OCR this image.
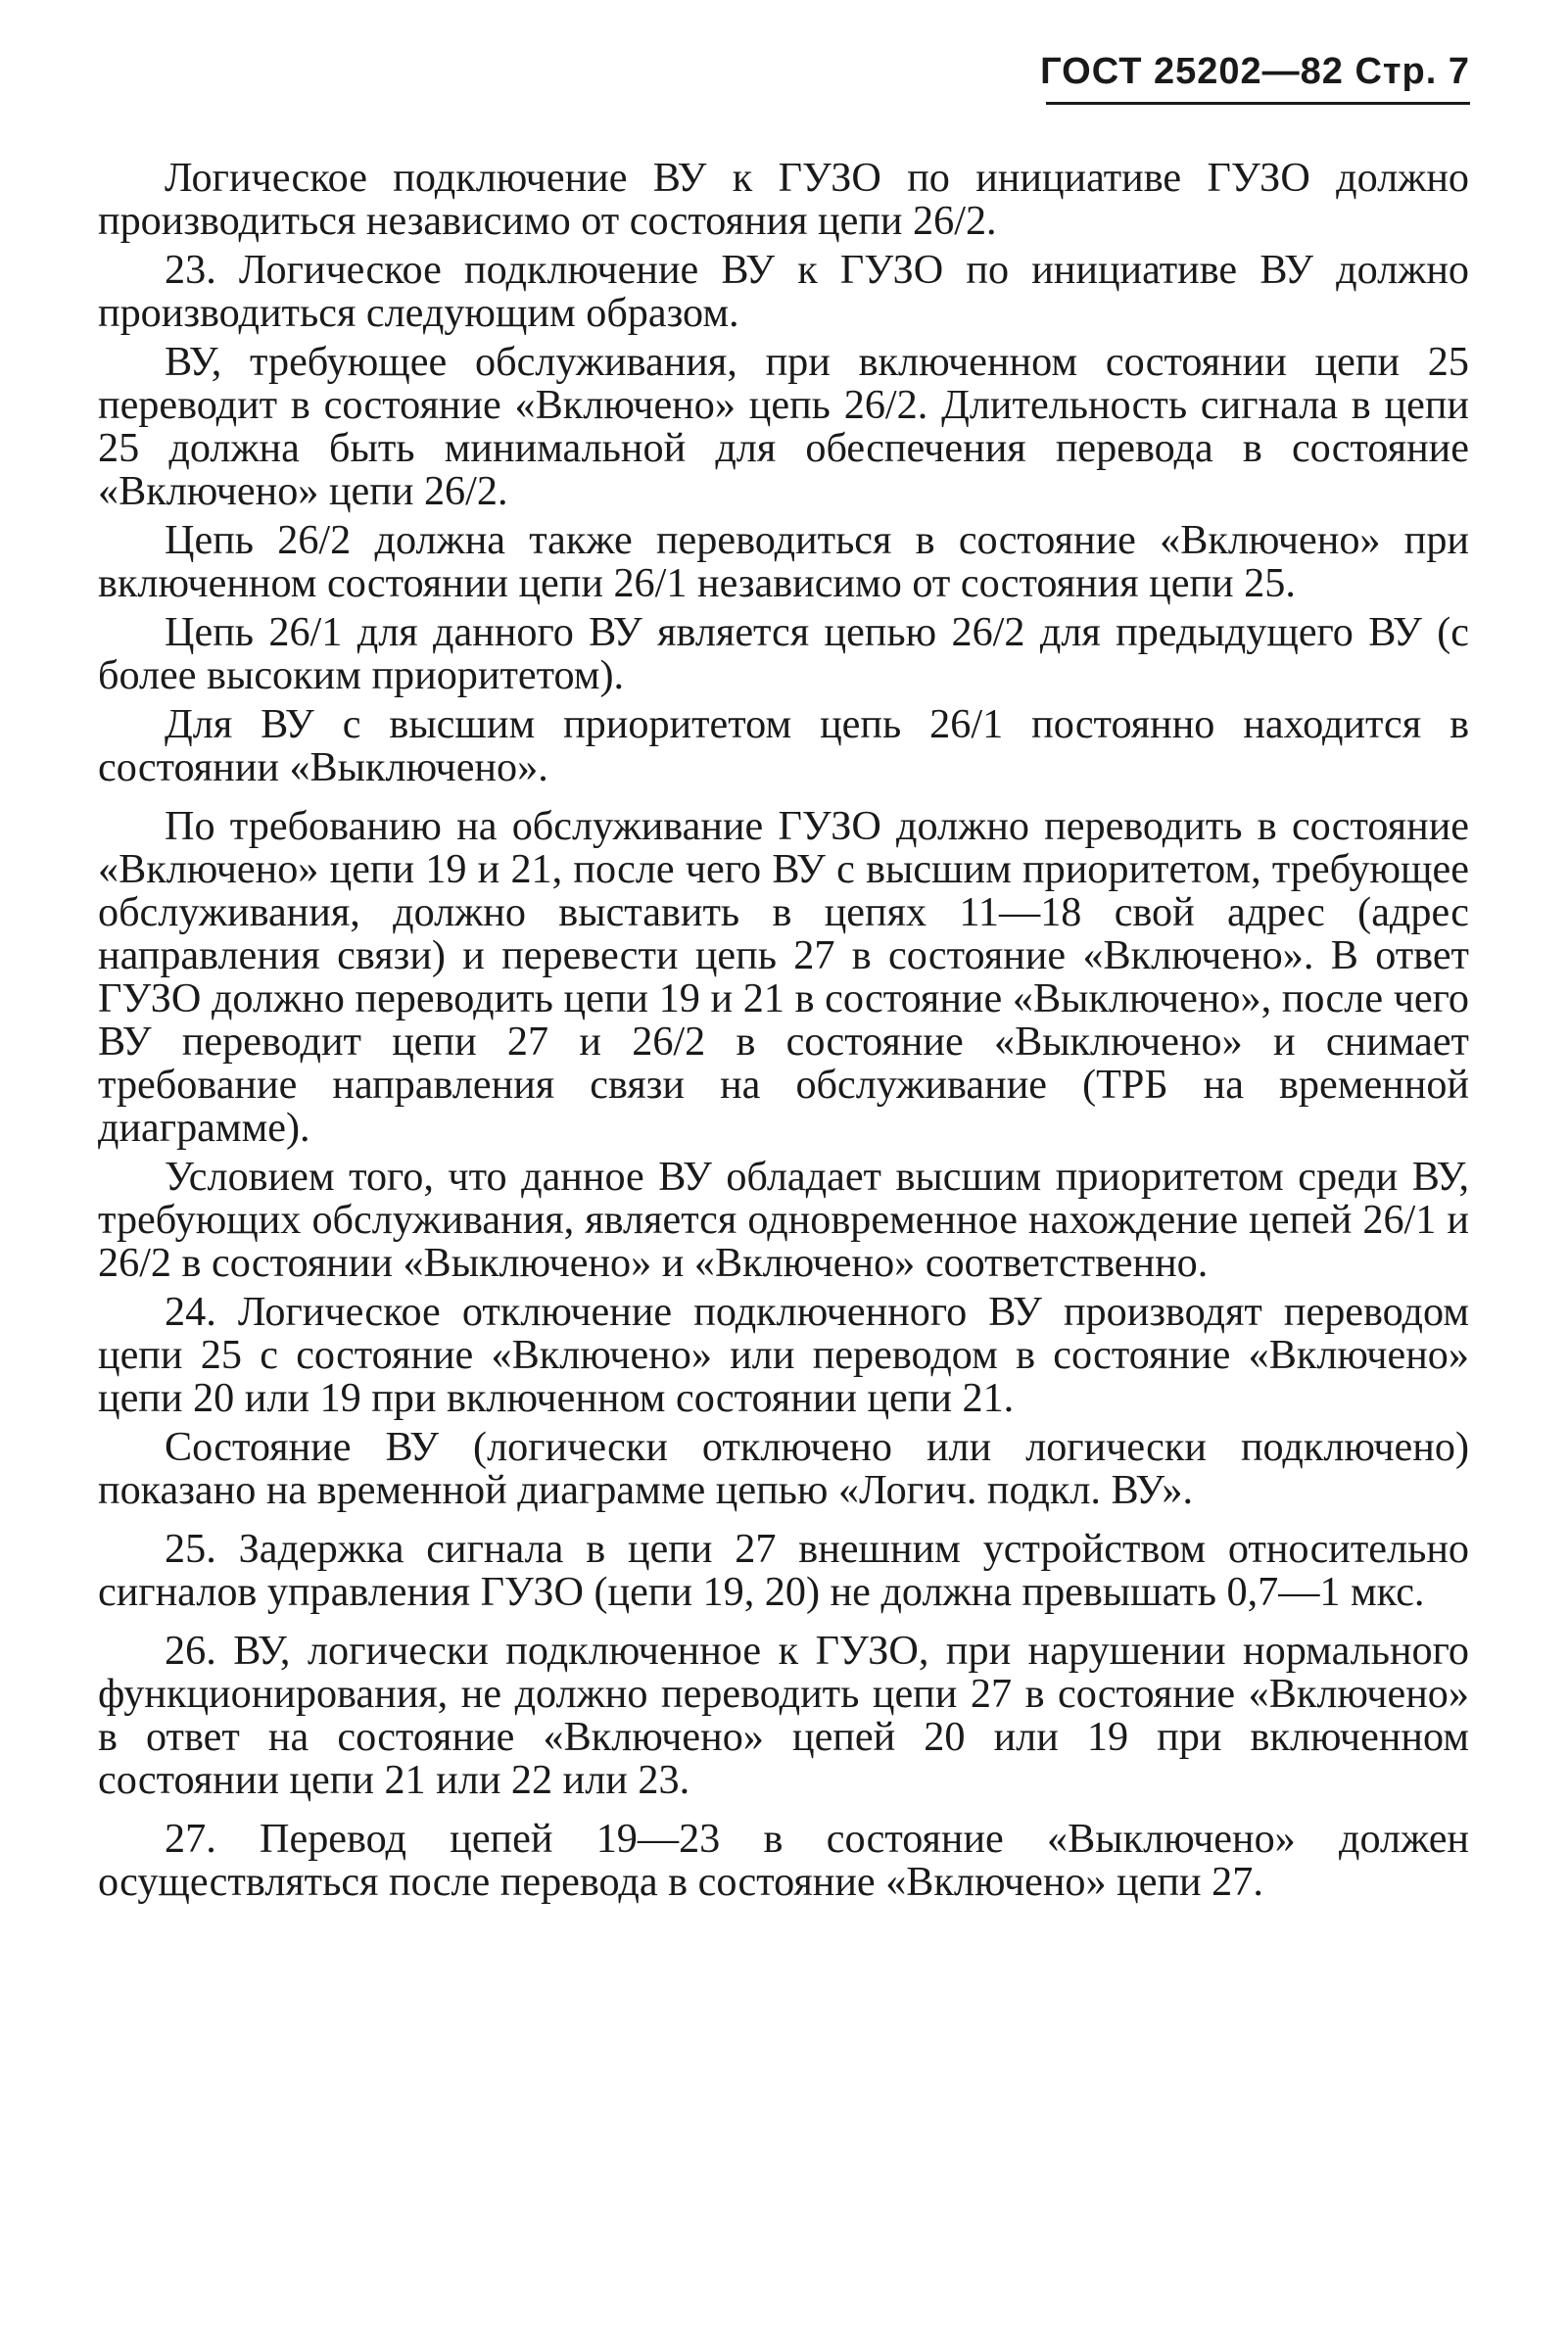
ГОСТ 25202—82 Стр. 7

Логическое подключение ВУ к ГУЗО по инициативе ГУЗО должно производиться независимо от состояния цепи 26/2.

23. Логическое подключение ВУ к ГУЗО по инициативе ВУ должно производиться следующим образом.

ВУ, требующее обслуживания, при включенном состоянии цепи 25 переводит в состояние «Включено» цепь 26/2. Длительность сигнала в цепи 25 должна быть минимальной для обеспечения перевода в состояние «Включено» цепи 26/2.

Цепь 26/2 должна также переводиться в состояние «Включено» при включенном состоянии цепи 26/1 независимо от состояния цепи 25.

Цепь 26/1 для данного ВУ является цепью 26/2 для предыдущего ВУ (с более высоким приоритетом).

Для ВУ с высшим приоритетом цепь 26/1 постоянно находится в состоянии «Выключено».

По требованию на обслуживание ГУЗО должно переводить в состояние «Включено» цепи 19 и 21, после чего ВУ с высшим приоритетом, требующее обслуживания, должно выставить в цепях 11—18 свой адрес (адрес направления связи) и перевести цепь 27 в состояние «Включено». В ответ ГУЗО должно переводить цепи 19 и 21 в состояние «Выключено», после чего ВУ переводит цепи 27 и 26/2 в состояние «Выключено» и снимает требование направления связи на обслуживание (ТРБ на временной диаграмме).

Условием того, что данное ВУ обладает высшим приоритетом среди ВУ, требующих обслуживания, является одновременное нахождение цепей 26/1 и 26/2 в состоянии «Выключено» и «Включено» соответственно.

24. Логическое отключение подключенного ВУ производят переводом цепи 25 с состояние «Включено» или переводом в состояние «Включено» цепи 20 или 19 при включенном состоянии цепи 21.

Состояние ВУ (логически отключено или логически подключено) показано на временной диаграмме цепью «Логич. подкл. ВУ».

25. Задержка сигнала в цепи 27 внешним устройством относительно сигналов управления ГУЗО (цепи 19, 20) не должна превышать 0,7—1 мкс.

26. ВУ, логически подключенное к ГУЗО, при нарушении нормального функционирования, не должно переводить цепи 27 в состояние «Включено» в ответ на состояние «Включено» цепей 20 или 19 при включенном состоянии цепи 21 или 22 или 23.

27. Перевод цепей 19—23 в состояние «Выключено» должен осуществляться после перевода в состояние «Включено» цепи 27.
